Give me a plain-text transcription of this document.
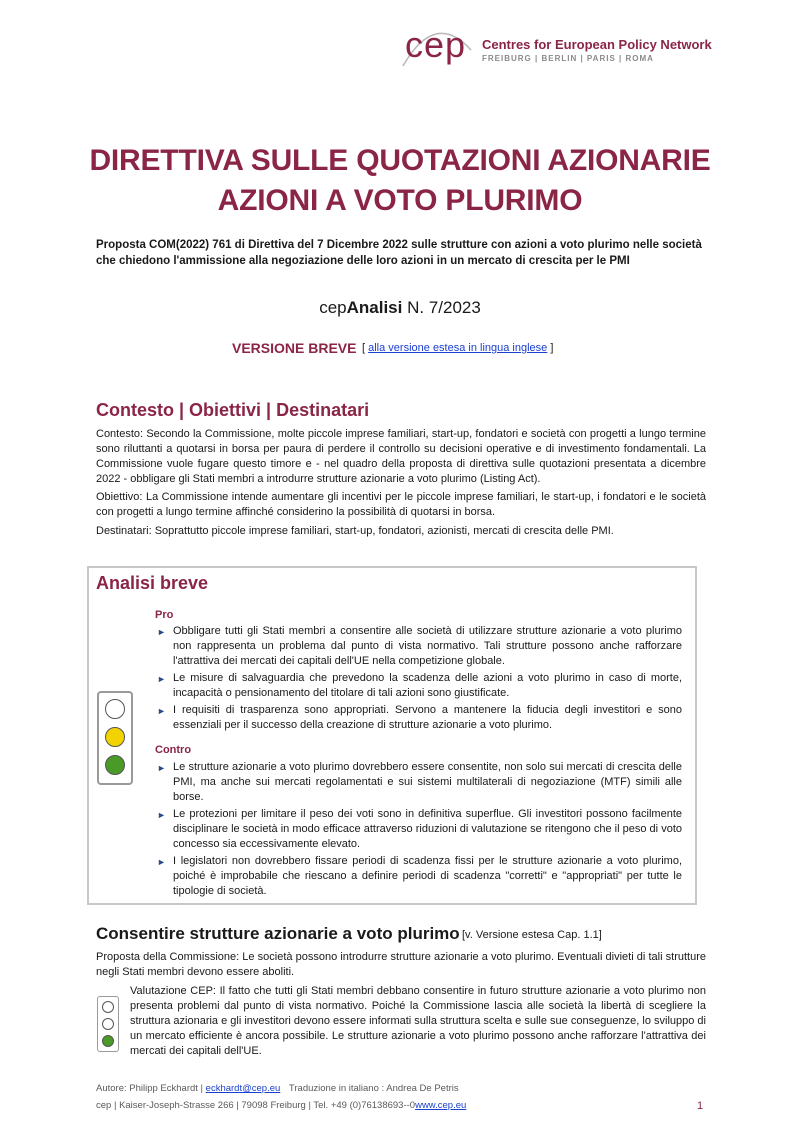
cep Centres for European Policy Network
FREIBURG | BERLIN | PARIS | ROMA
DIRETTIVA SULLE QUOTAZIONI AZIONARIE
AZIONI A VOTO PLURIMO
Proposta COM(2022) 761 di Direttiva del 7 Dicembre 2022 sulle strutture con azioni a voto plurimo nelle società che chiedono l'ammissione alla negoziazione delle loro azioni in un mercato di crescita per le PMI
cepAnalisi N. 7/2023
VERSIONE BREVE [ alla versione estesa in lingua inglese ]
Contesto | Obiettivi | Destinatari
Contesto: Secondo la Commissione, molte piccole imprese familiari, start-up, fondatori e società con progetti a lungo termine sono riluttanti a quotarsi in borsa per paura di perdere il controllo su decisioni operative e di investimento fondamentali. La Commissione vuole fugare questo timore e - nel quadro della proposta di direttiva sulle quotazioni presentata a dicembre 2022 - obbligare gli Stati membri a introdurre strutture azionarie a voto plurimo (Listing Act).
Obiettivo: La Commissione intende aumentare gli incentivi per le piccole imprese familiari, le start-up, i fondatori e le società con progetti a lungo termine affinché considerino la possibilità di quotarsi in borsa.
Destinatari: Soprattutto piccole imprese familiari, start-up, fondatori, azionisti, mercati di crescita delle PMI.
Analisi breve
Pro
► Obbligare tutti gli Stati membri a consentire alle società di utilizzare strutture azionarie a voto plurimo non rappresenta un problema dal punto di vista normativo. Tali strutture possono anche rafforzare l'attrattiva dei mercati dei capitali dell'UE nella competizione globale.
► Le misure di salvaguardia che prevedono la scadenza delle azioni a voto plurimo in caso di morte, incapacità o pensionamento del titolare di tali azioni sono giustificate.
► I requisiti di trasparenza sono appropriati. Servono a mantenere la fiducia degli investitori e sono essenziali per il successo della creazione di strutture azionarie a voto plurimo.
Contro
► Le strutture azionarie a voto plurimo dovrebbero essere consentite, non solo sui mercati di crescita delle PMI, ma anche sui mercati regolamentati e sui sistemi multilaterali di negoziazione (MTF) simili alle borse.
► Le protezioni per limitare il peso dei voti sono in definitiva superflue. Gli investitori possono facilmente disciplinare le società in modo efficace attraverso riduzioni di valutazione se ritengono che il peso di voto concesso sia eccessivamente elevato.
► I legislatori non dovrebbero fissare periodi di scadenza fissi per le strutture azionarie a voto plurimo, poiché è improbabile che riescano a definire periodi di scadenza "corretti" e "appropriati" per tutte le tipologie di società.
Consentire strutture azionarie a voto plurimo [v. Versione estesa Cap. 1.1]
Proposta della Commissione: Le società possono introdurre strutture azionarie a voto plurimo. Eventuali divieti di tali strutture negli Stati membri devono essere aboliti.
Valutazione CEP: Il fatto che tutti gli Stati membri debbano consentire in futuro strutture azionarie a voto plurimo non presenta problemi dal punto di vista normativo. Poiché la Commissione lascia alle società la libertà di scegliere la struttura azionaria e gli investitori devono essere informati sulla struttura scelta e sulle sue conseguenze, lo sviluppo di un mercato efficiente è ancora possibile. Le strutture azionarie a voto plurimo possono anche rafforzare l'attrattiva dei mercati dei capitali dell'UE.
Autore: Philipp Eckhardt | eckhardt@cep.eu Traduzione in italiano : Andrea De Petris
cep | Kaiser-Joseph-Strasse 266 | 79098 Freiburg | Tel. +49 (0)76138693--0www.cep.eu	1
